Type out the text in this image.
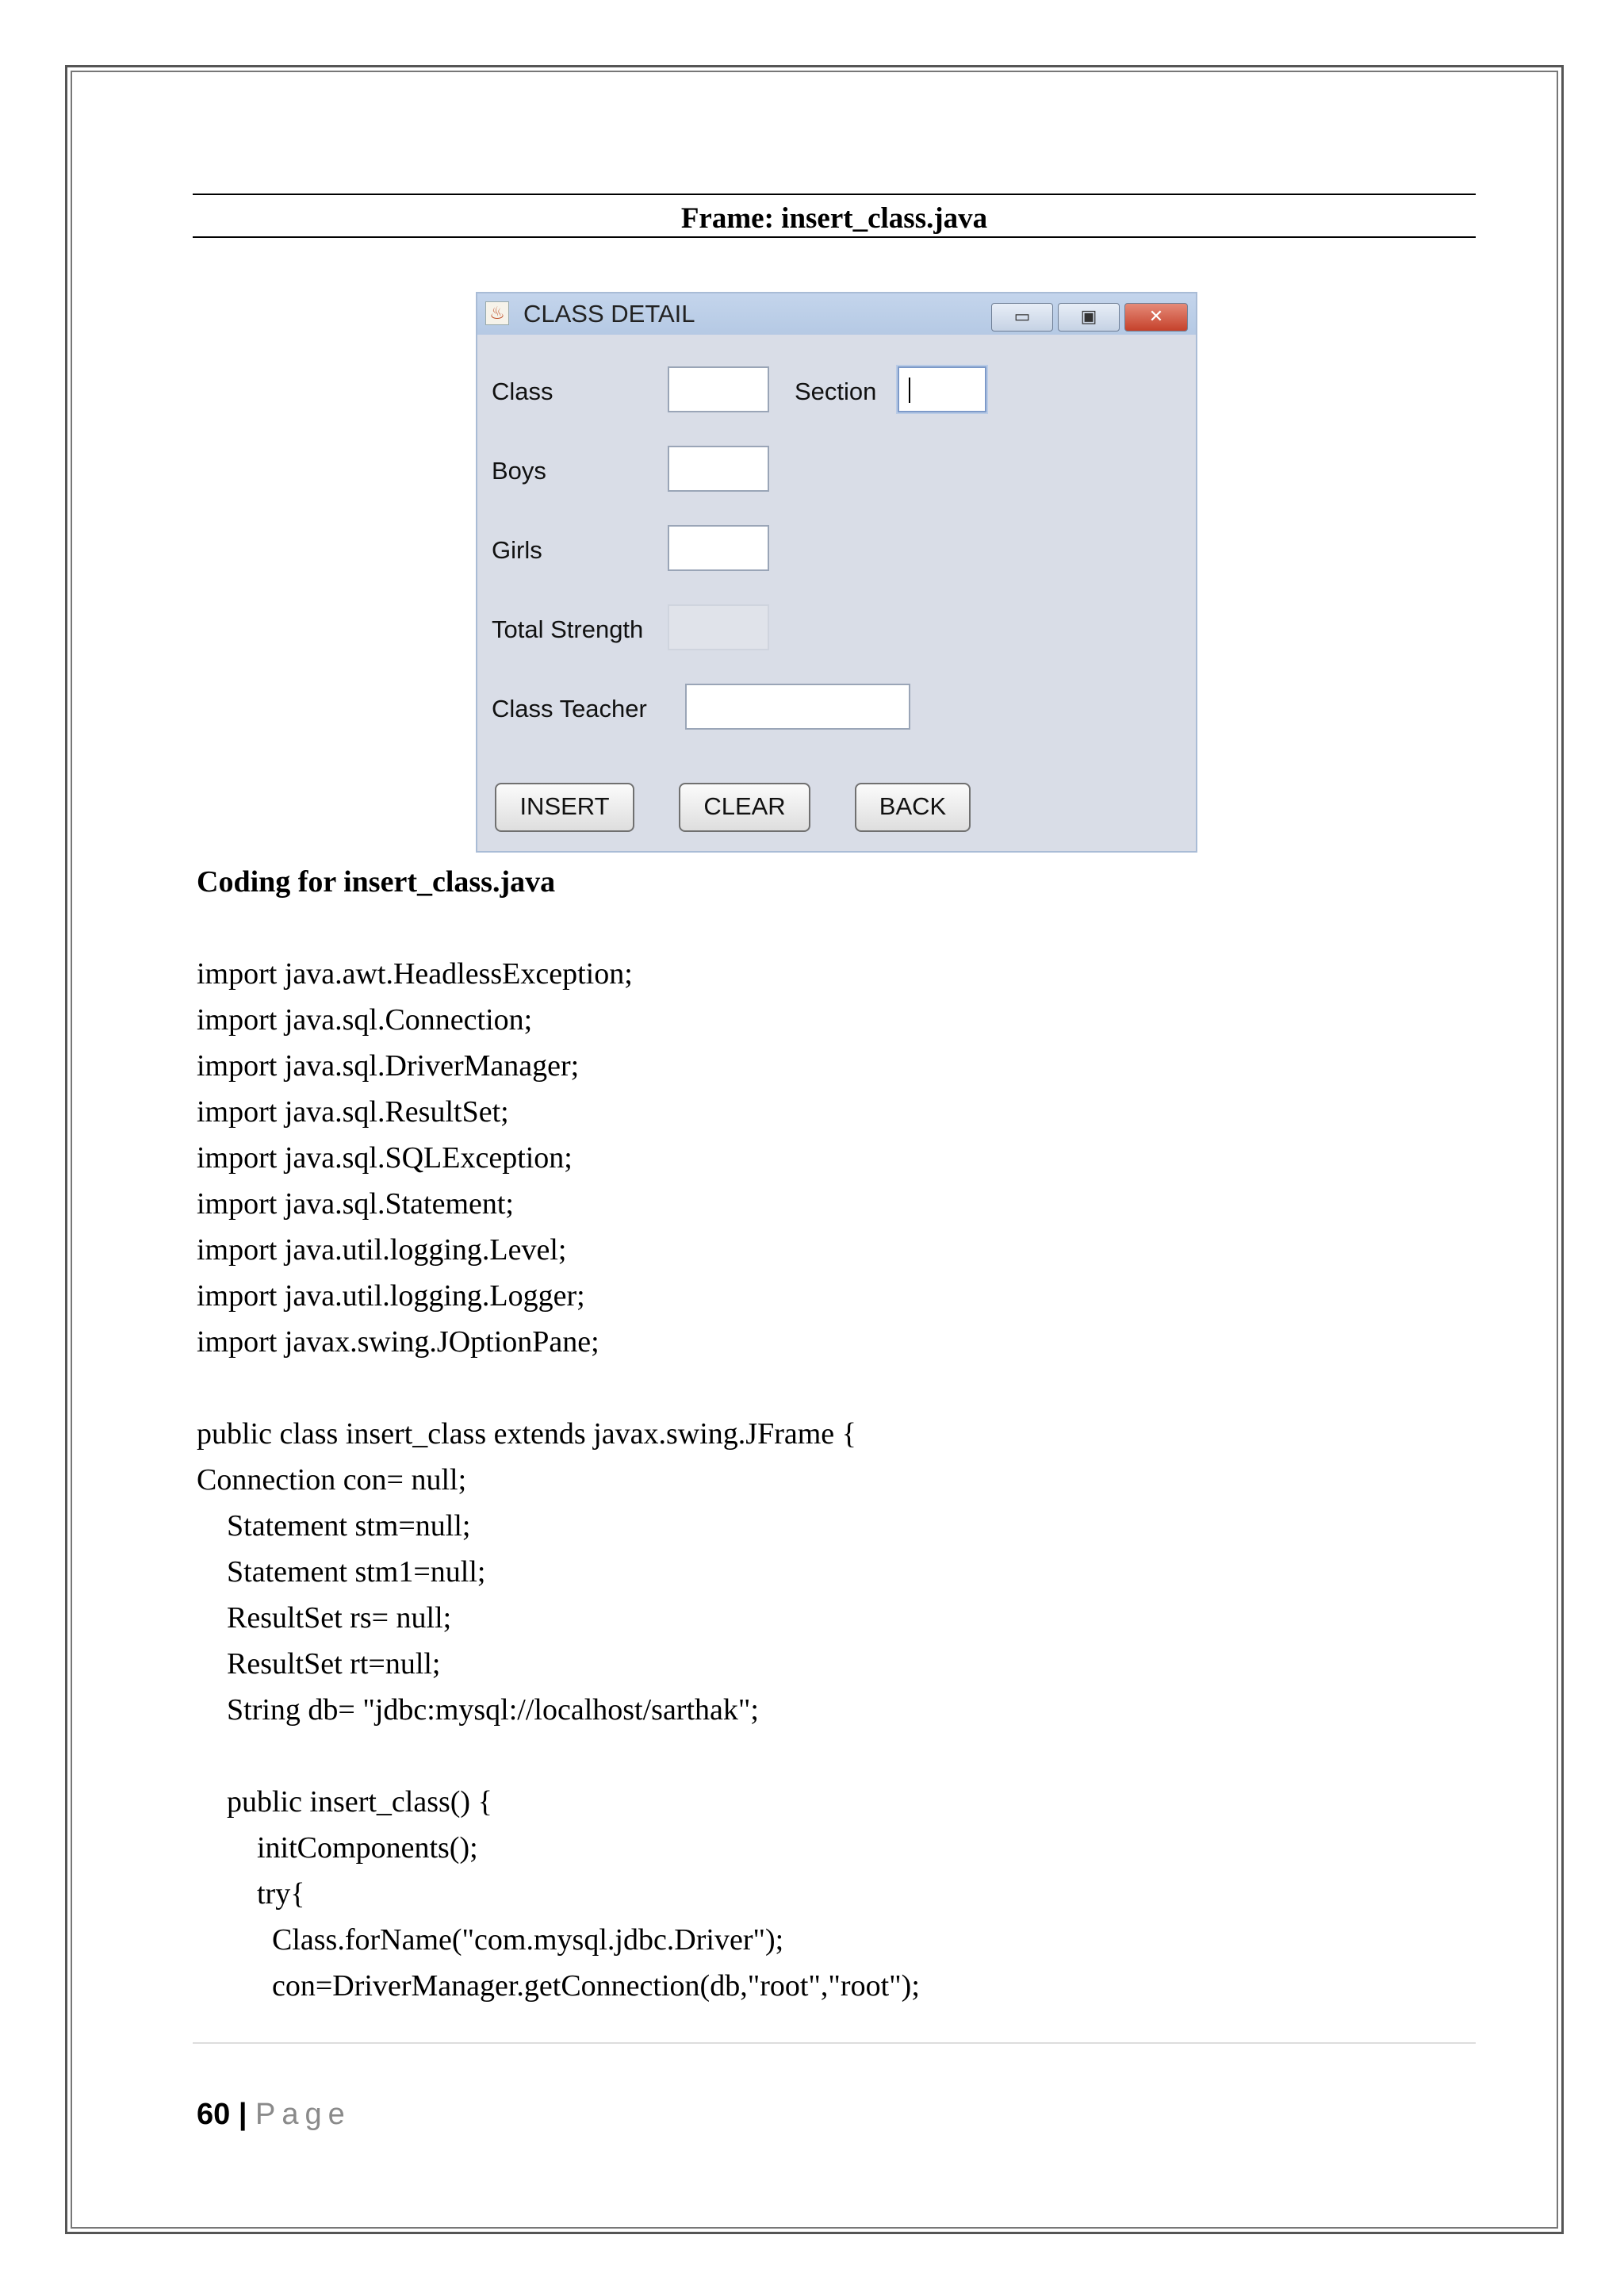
Frame: insert_class.java
♨ CLASS DETAIL	▭	▣	✕
Class	Section
Boys
Girls
Total Strength
Class Teacher
INSERT	CLEAR	BACK
Coding for insert_class.java
import java.awt.HeadlessException;
import java.sql.Connection;
import java.sql.DriverManager;
import java.sql.ResultSet;
import java.sql.SQLException;
import java.sql.Statement;
import java.util.logging.Level;
import java.util.logging.Logger;
import javax.swing.JOptionPane;
public class insert_class extends javax.swing.JFrame {
Connection con= null;
Statement stm=null;
Statement stm1=null;
ResultSet rs= null;
ResultSet rt=null;
String db= "jdbc:mysql://localhost/sarthak";
public insert_class() {
initComponents();
try{
Class.forName("com.mysql.jdbc.Driver");
con=DriverManager.getConnection(db,"root","root");
60 | Page
